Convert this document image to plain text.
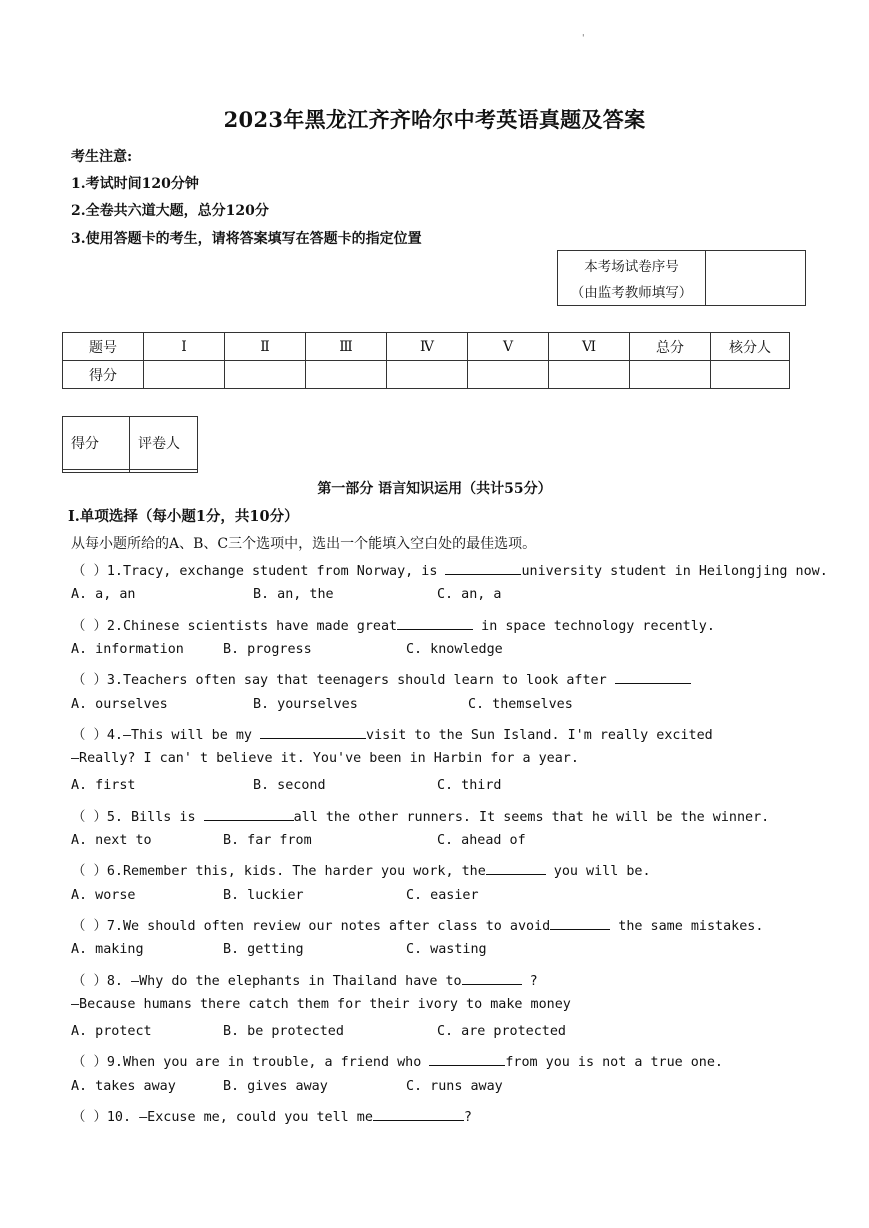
'
2023年黑龙江齐齐哈尔中考英语真题及答案
考生注意:
1.考试时间120分钟
2.全卷共六道大题，总分120分
3.使用答题卡的考生，请将答案填写在答题卡的指定位置
本考场试卷序号
（由监考教师填写）

题号	Ⅰ	Ⅱ	Ⅲ	Ⅳ	Ⅴ	Ⅵ	总分	核分人
得分								
得分	评卷人

第一部分 语言知识运用（共计55分）
Ⅰ.单项选择（每小题1分，共10分）
从每小题所给的A、B、C三个选项中，选出一个能填入空白处的最佳选项。
（ ）1.Tracy, exchange student from Norway, is	university student in Heilongjing now.
A. a, an	B. an, the	C. an, a
（ ）2.Chinese scientists have made great	in space technology recently.
A. information	B. progress	C. knowledge
（ ）3.Teachers often say that teenagers should learn to look after
A. ourselves	B. yourselves	C. themselves
（ ）4.—This will be my	visit to the Sun Island. I'm really excited
—Really? I can' t believe it. You've been in Harbin for a year.
A. first	B. second	C. third
（ ）5. Bills is	all the other runners. It seems that he will be the winner.
A. next to	B. far from	C. ahead of
（ ）6.Remember this, kids. The harder you work, the	you will be.
A. worse	B. luckier	C. easier
（ ）7.We should often review our notes after class to avoid	the same mistakes.
A. making	B. getting	C. wasting
（ ）8. —Why do the elephants in Thailand have to	?
—Because humans there catch them for their ivory to make money
A. protect	B. be protected	C. are protected
（ ）9.When you are in trouble, a friend who	from you is not a true one.
A. takes away	B. gives away	C. runs away
（ ）10. —Excuse me, could you tell me	?
